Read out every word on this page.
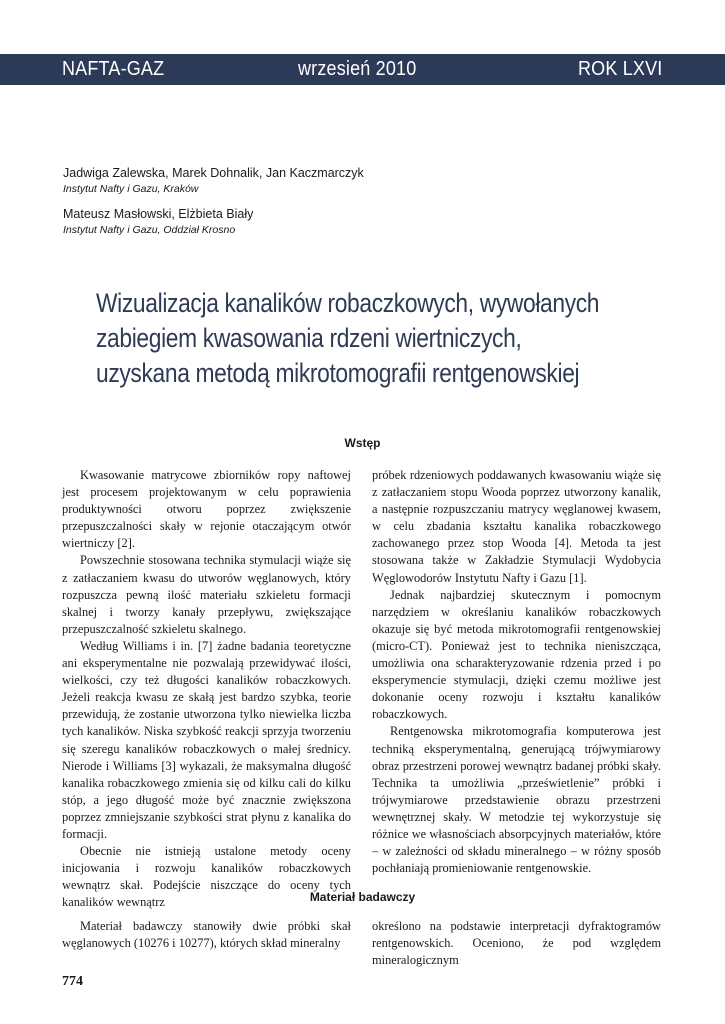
NAFTA-GAZ	wrzesień 2010	ROK LXVI
Jadwiga Zalewska, Marek Dohnalik, Jan Kaczmarczyk
Instytut Nafty i Gazu, Kraków
Mateusz Masłowski, Elżbieta Biały
Instytut Nafty i Gazu, Oddział Krosno
Wizualizacja kanalików robaczkowych, wywołanych
zabiegiem kwasowania rdzeni wiertniczych,
uzyskana metodą mikrotomografii rentgenowskiej
Wstęp

Kwasowanie matrycowe zbiorników ropy naftowej jest procesem projektowanym w celu poprawienia produktywności otworu poprzez zwiększenie przepuszczalności skały w rejonie otaczającym otwór wiertniczy [2].

Powszechnie stosowana technika stymulacji wiąże się z zatłaczaniem kwasu do utworów węglanowych, który rozpuszcza pewną ilość materiału szkieletu formacji skalnej i tworzy kanały przepływu, zwiększające przepuszczalność szkieletu skalnego.

Według Williams i in. [7] żadne badania teoretyczne ani eksperymentalne nie pozwalają przewidywać ilości, wielkości, czy też długości kanalików robaczkowych. Jeżeli reakcja kwasu ze skałą jest bardzo szybka, teorie przewidują, że zostanie utworzona tylko niewielka liczba tych kanalików. Niska szybkość reakcji sprzyja tworzeniu się szeregu kanalików robaczkowych o małej średnicy. Nierode i Williams [3] wykazali, że maksymalna długość kanalika robaczkowego zmienia się od kilku cali do kilku stóp, a jego długość może być znacznie zwiększona poprzez zmniejszanie szybkości strat płynu z kanalika do formacji.

Obecnie nie istnieją ustalone metody oceny inicjowania i rozwoju kanalików robaczkowych wewnątrz skał. Podejście niszczące do oceny tych kanalików wewnątrz

próbek rdzeniowych poddawanych kwasowaniu wiąże się z zatłaczaniem stopu Wooda poprzez utworzony kanalik, a następnie rozpuszczaniu matrycy węglanowej kwasem, w celu zbadania kształtu kanalika robaczkowego zachowanego przez stop Wooda [4]. Metoda ta jest stosowana także w Zakładzie Stymulacji Wydobycia Węglowodorów Instytutu Nafty i Gazu [1].

Jednak najbardziej skutecznym i pomocnym narzędziem w określaniu kanalików robaczkowych okazuje się być metoda mikrotomografii rentgenowskiej (micro-CT). Ponieważ jest to technika nieniszcząca, umożliwia ona scharakteryzowanie rdzenia przed i po eksperymencie stymulacji, dzięki czemu możliwe jest dokonanie oceny rozwoju i kształtu kanalików robaczkowych.

Rentgenowska mikrotomografia komputerowa jest techniką eksperymentalną, generującą trójwymiarowy obraz przestrzeni porowej wewnątrz badanej próbki skały. Technika ta umożliwia „prześwietlenie” próbki i trójwymiarowe przedstawienie obrazu przestrzeni wewnętrznej skały. W metodzie tej wykorzystuje się różnice we własnościach absorpcyjnych materiałów, które – w zależności od składu mineralnego – w różny sposób pochłaniają promieniowanie rentgenowskie.

Materiał badawczy

Materiał badawczy stanowiły dwie próbki skał węglanowych (10276 i 10277), których skład mineralny

określono na podstawie interpretacji dyfraktogramów rentgenowskich. Oceniono, że pod względem mineralogicznym

774
